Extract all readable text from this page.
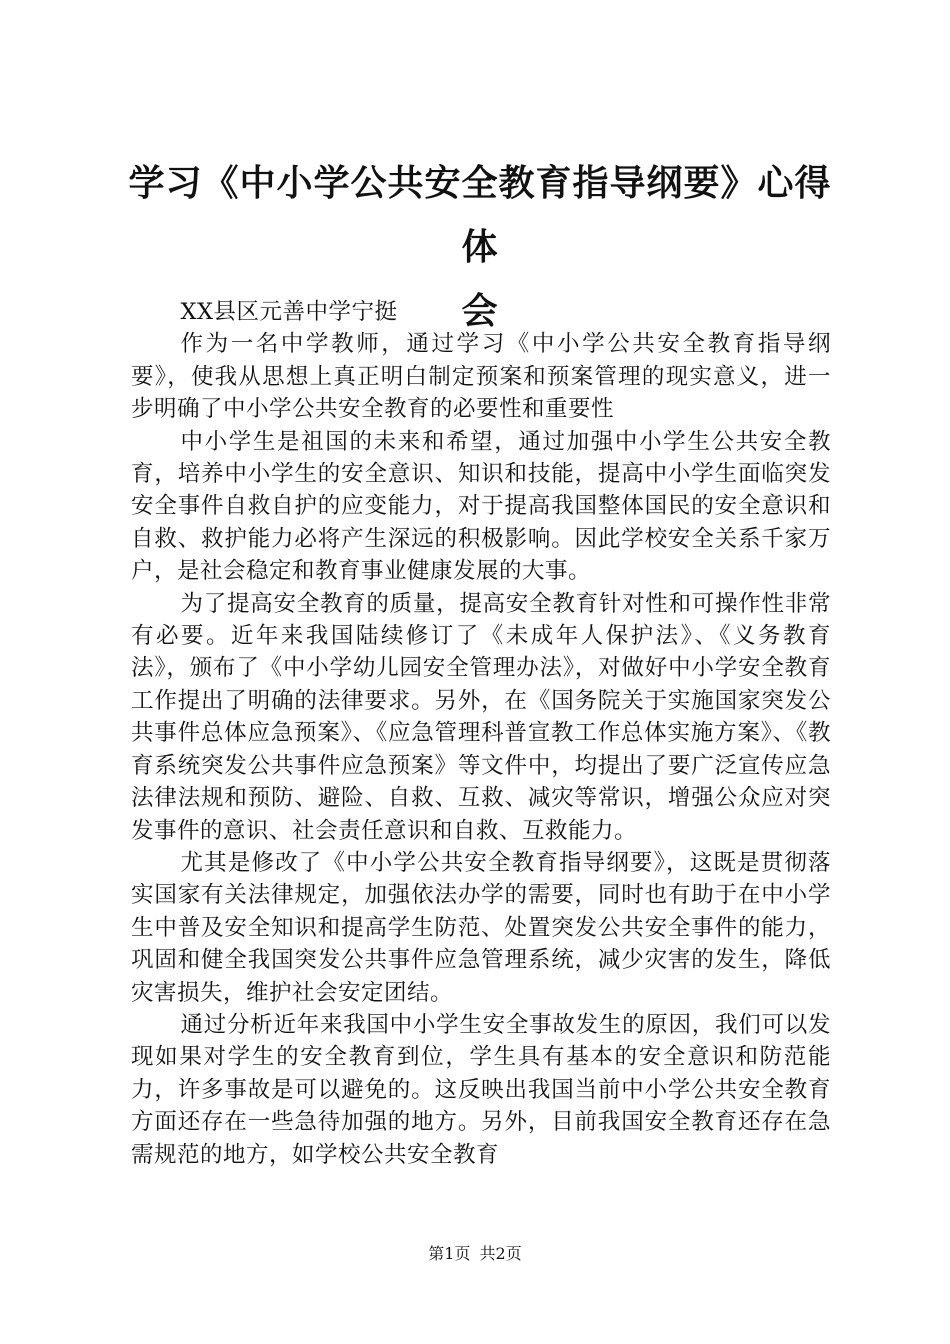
学习《中小学公共安全教育指导纲要》心得体
会

XX县区元善中学宁挺

作为一名中学教师，通过学习《中小学公共安全教育指导纲要》，使我从思想上真正明白制定预案和预案管理的现实意义，进一步明确了中小学公共安全教育的必要性和重要性

中小学生是祖国的未来和希望，通过加强中小学生公共安全教育，培养中小学生的安全意识、知识和技能，提高中小学生面临突发安全事件自救自护的应变能力，对于提高我国整体国民的安全意识和自救、救护能力必将产生深远的积极影响。因此学校安全关系千家万户，是社会稳定和教育事业健康发展的大事。

为了提高安全教育的质量，提高安全教育针对性和可操作性非常有必要。近年来我国陆续修订了《未成年人保护法》、《义务教育法》，颁布了《中小学幼儿园安全管理办法》，对做好中小学安全教育工作提出了明确的法律要求。另外，在《国务院关于实施国家突发公共事件总体应急预案》、《应急管理科普宣教工作总体实施方案》、《教育系统突发公共事件应急预案》等文件中，均提出了要广泛宣传应急法律法规和预防、避险、自救、互救、减灾等常识，增强公众应对突发事件的意识、社会责任意识和自救、互救能力。

尤其是修改了《中小学公共安全教育指导纲要》，这既是贯彻落实国家有关法律规定，加强依法办学的需要，同时也有助于在中小学生中普及安全知识和提高学生防范、处置突发公共安全事件的能力，巩固和健全我国突发公共事件应急管理系统，减少灾害的发生，降低灾害损失，维护社会安定团结。

通过分析近年来我国中小学生安全事故发生的原因，我们可以发现如果对学生的安全教育到位，学生具有基本的安全意识和防范能力，许多事故是可以避免的。这反映出我国当前中小学公共安全教育方面还存在一些急待加强的地方。另外，目前我国安全教育还存在急需规范的地方，如学校公共安全教育

第1页 共2页
